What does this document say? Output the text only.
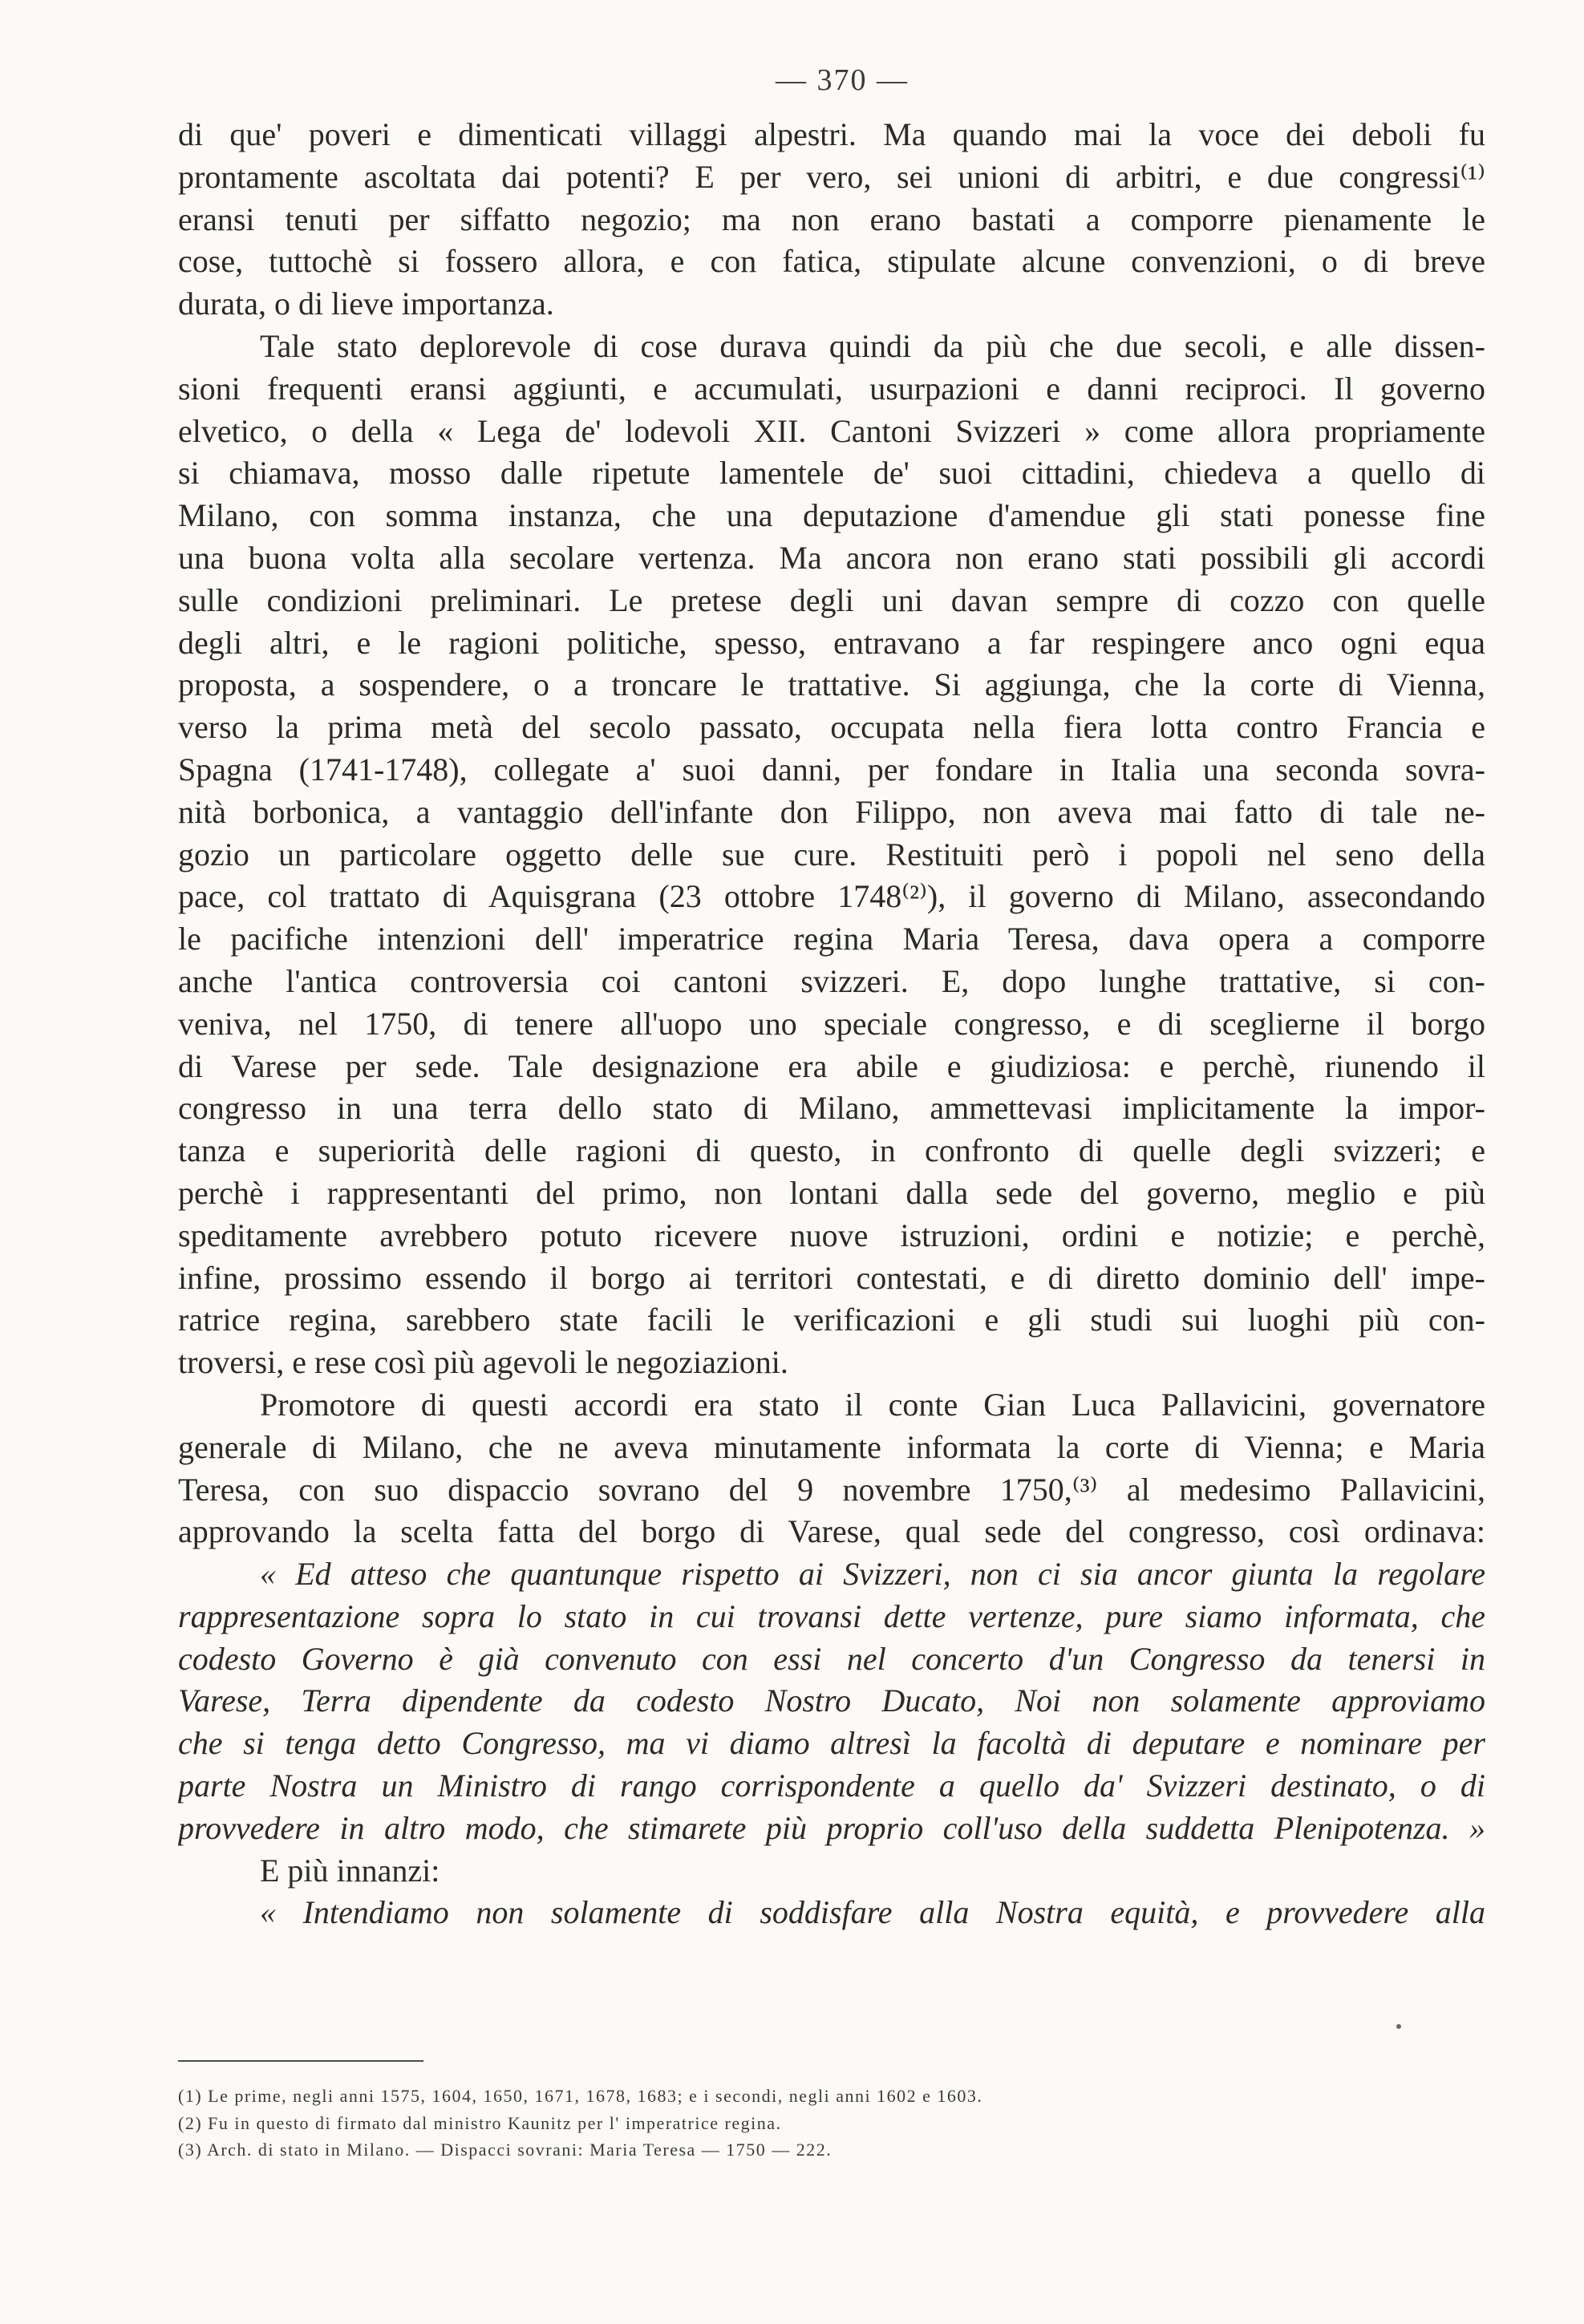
— 370 —
di que' poveri e dimenticati villaggi alpestri. Ma quando mai la voce dei deboli fu
prontamente ascoltata dai potenti? E per vero, sei unioni di arbitri, e due congressi⁽¹⁾
eransi tenuti per siffatto negozio; ma non erano bastati a comporre pienamente le
cose, tuttochè si fossero allora, e con fatica, stipulate alcune convenzioni, o di breve
durata, o di lieve importanza.
Tale stato deplorevole di cose durava quindi da più che due secoli, e alle dissen-
sioni frequenti eransi aggiunti, e accumulati, usurpazioni e danni reciproci. Il governo
elvetico, o della « Lega de' lodevoli XII. Cantoni Svizzeri » come allora propriamente
si chiamava, mosso dalle ripetute lamentele de' suoi cittadini, chiedeva a quello di
Milano, con somma instanza, che una deputazione d'amendue gli stati ponesse fine
una buona volta alla secolare vertenza. Ma ancora non erano stati possibili gli accordi
sulle condizioni preliminari. Le pretese degli uni davan sempre di cozzo con quelle
degli altri, e le ragioni politiche, spesso, entravano a far respingere anco ogni equa
proposta, a sospendere, o a troncare le trattative. Si aggiunga, che la corte di Vienna,
verso la prima metà del secolo passato, occupata nella fiera lotta contro Francia e
Spagna (1741-1748), collegate a' suoi danni, per fondare in Italia una seconda sovra-
nità borbonica, a vantaggio dell'infante don Filippo, non aveva mai fatto di tale ne-
gozio un particolare oggetto delle sue cure. Restituiti però i popoli nel seno della
pace, col trattato di Aquisgrana (23 ottobre 1748⁽²⁾), il governo di Milano, assecondando
le pacifiche intenzioni dell' imperatrice regina Maria Teresa, dava opera a comporre
anche l'antica controversia coi cantoni svizzeri. E, dopo lunghe trattative, si con-
veniva, nel 1750, di tenere all'uopo uno speciale congresso, e di sceglierne il borgo
di Varese per sede. Tale designazione era abile e giudiziosa: e perchè, riunendo il
congresso in una terra dello stato di Milano, ammettevasi implicitamente la impor-
tanza e superiorità delle ragioni di questo, in confronto di quelle degli svizzeri; e
perchè i rappresentanti del primo, non lontani dalla sede del governo, meglio e più
speditamente avrebbero potuto ricevere nuove istruzioni, ordini e notizie; e perchè,
infine, prossimo essendo il borgo ai territori contestati, e di diretto dominio dell' impe-
ratrice regina, sarebbero state facili le verificazioni e gli studi sui luoghi più con-
troversi, e rese così più agevoli le negoziazioni.
Promotore di questi accordi era stato il conte Gian Luca Pallavicini, governatore
generale di Milano, che ne aveva minutamente informata la corte di Vienna; e Maria
Teresa, con suo dispaccio sovrano del 9 novembre 1750,⁽³⁾ al medesimo Pallavicini,
approvando la scelta fatta del borgo di Varese, qual sede del congresso, così ordinava:
« Ed atteso che quantunque rispetto ai Svizzeri, non ci sia ancor giunta la regolare
rappresentazione sopra lo stato in cui trovansi dette vertenze, pure siamo informata, che
codesto Governo è già convenuto con essi nel concerto d'un Congresso da tenersi in
Varese, Terra dipendente da codesto Nostro Ducato, Noi non solamente approviamo
che si tenga detto Congresso, ma vi diamo altresì la facoltà di deputare e nominare per
parte Nostra un Ministro di rango corrispondente a quello da' Svizzeri destinato, o di
provvedere in altro modo, che stimarete più proprio coll'uso della suddetta Plenipotenza. »
E più innanzi:
« Intendiamo non solamente di soddisfare alla Nostra equità, e provvedere alla
(1) Le prime, negli anni 1575, 1604, 1650, 1671, 1678, 1683; e i secondi, negli anni 1602 e 1603.
(2) Fu in questo di firmato dal ministro Kaunitz per l' imperatrice regina.
(3) Arch. di stato in Milano. — Dispacci sovrani: Maria Teresa — 1750 — 222.
